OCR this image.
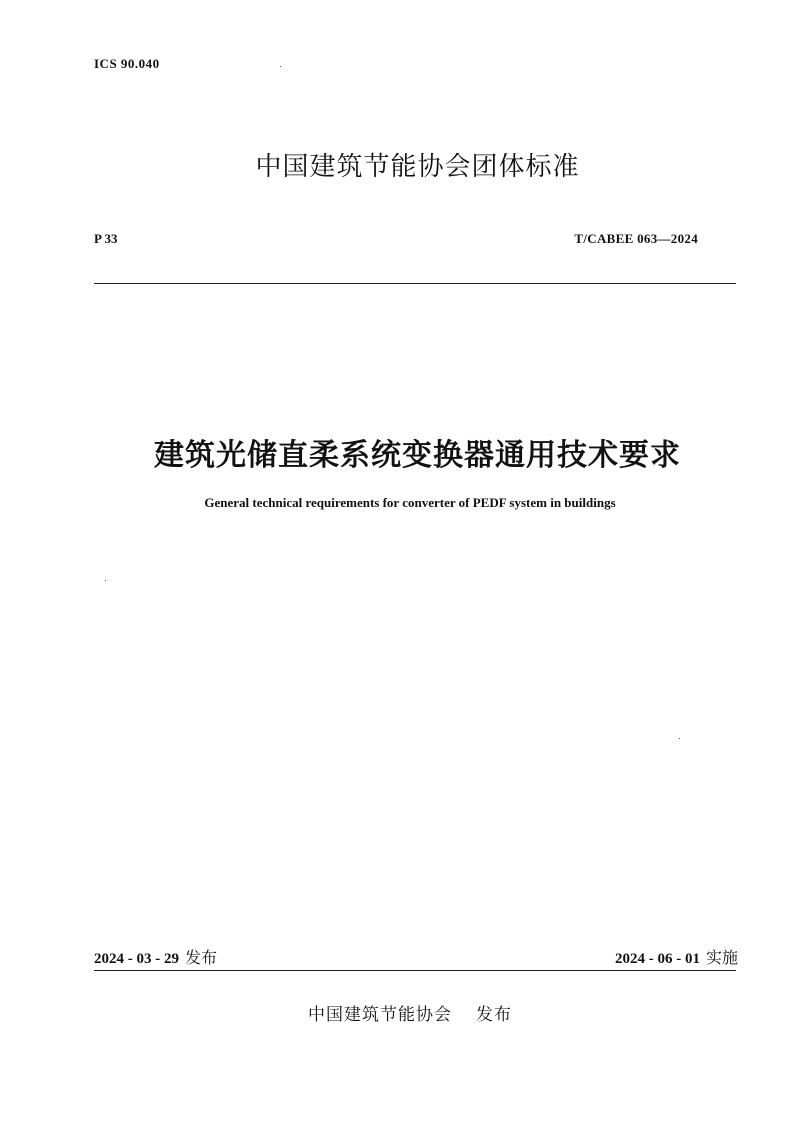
ICS 90.040
中国建筑节能协会团体标准
P 33	T/CABEE 063—2024
建筑光储直柔系统变换器通用技术要求
General technical requirements for converter of PEDF system in buildings
2024 - 03 - 29 发布	2024 - 06 - 01 实施
中国建筑节能协会 发布
